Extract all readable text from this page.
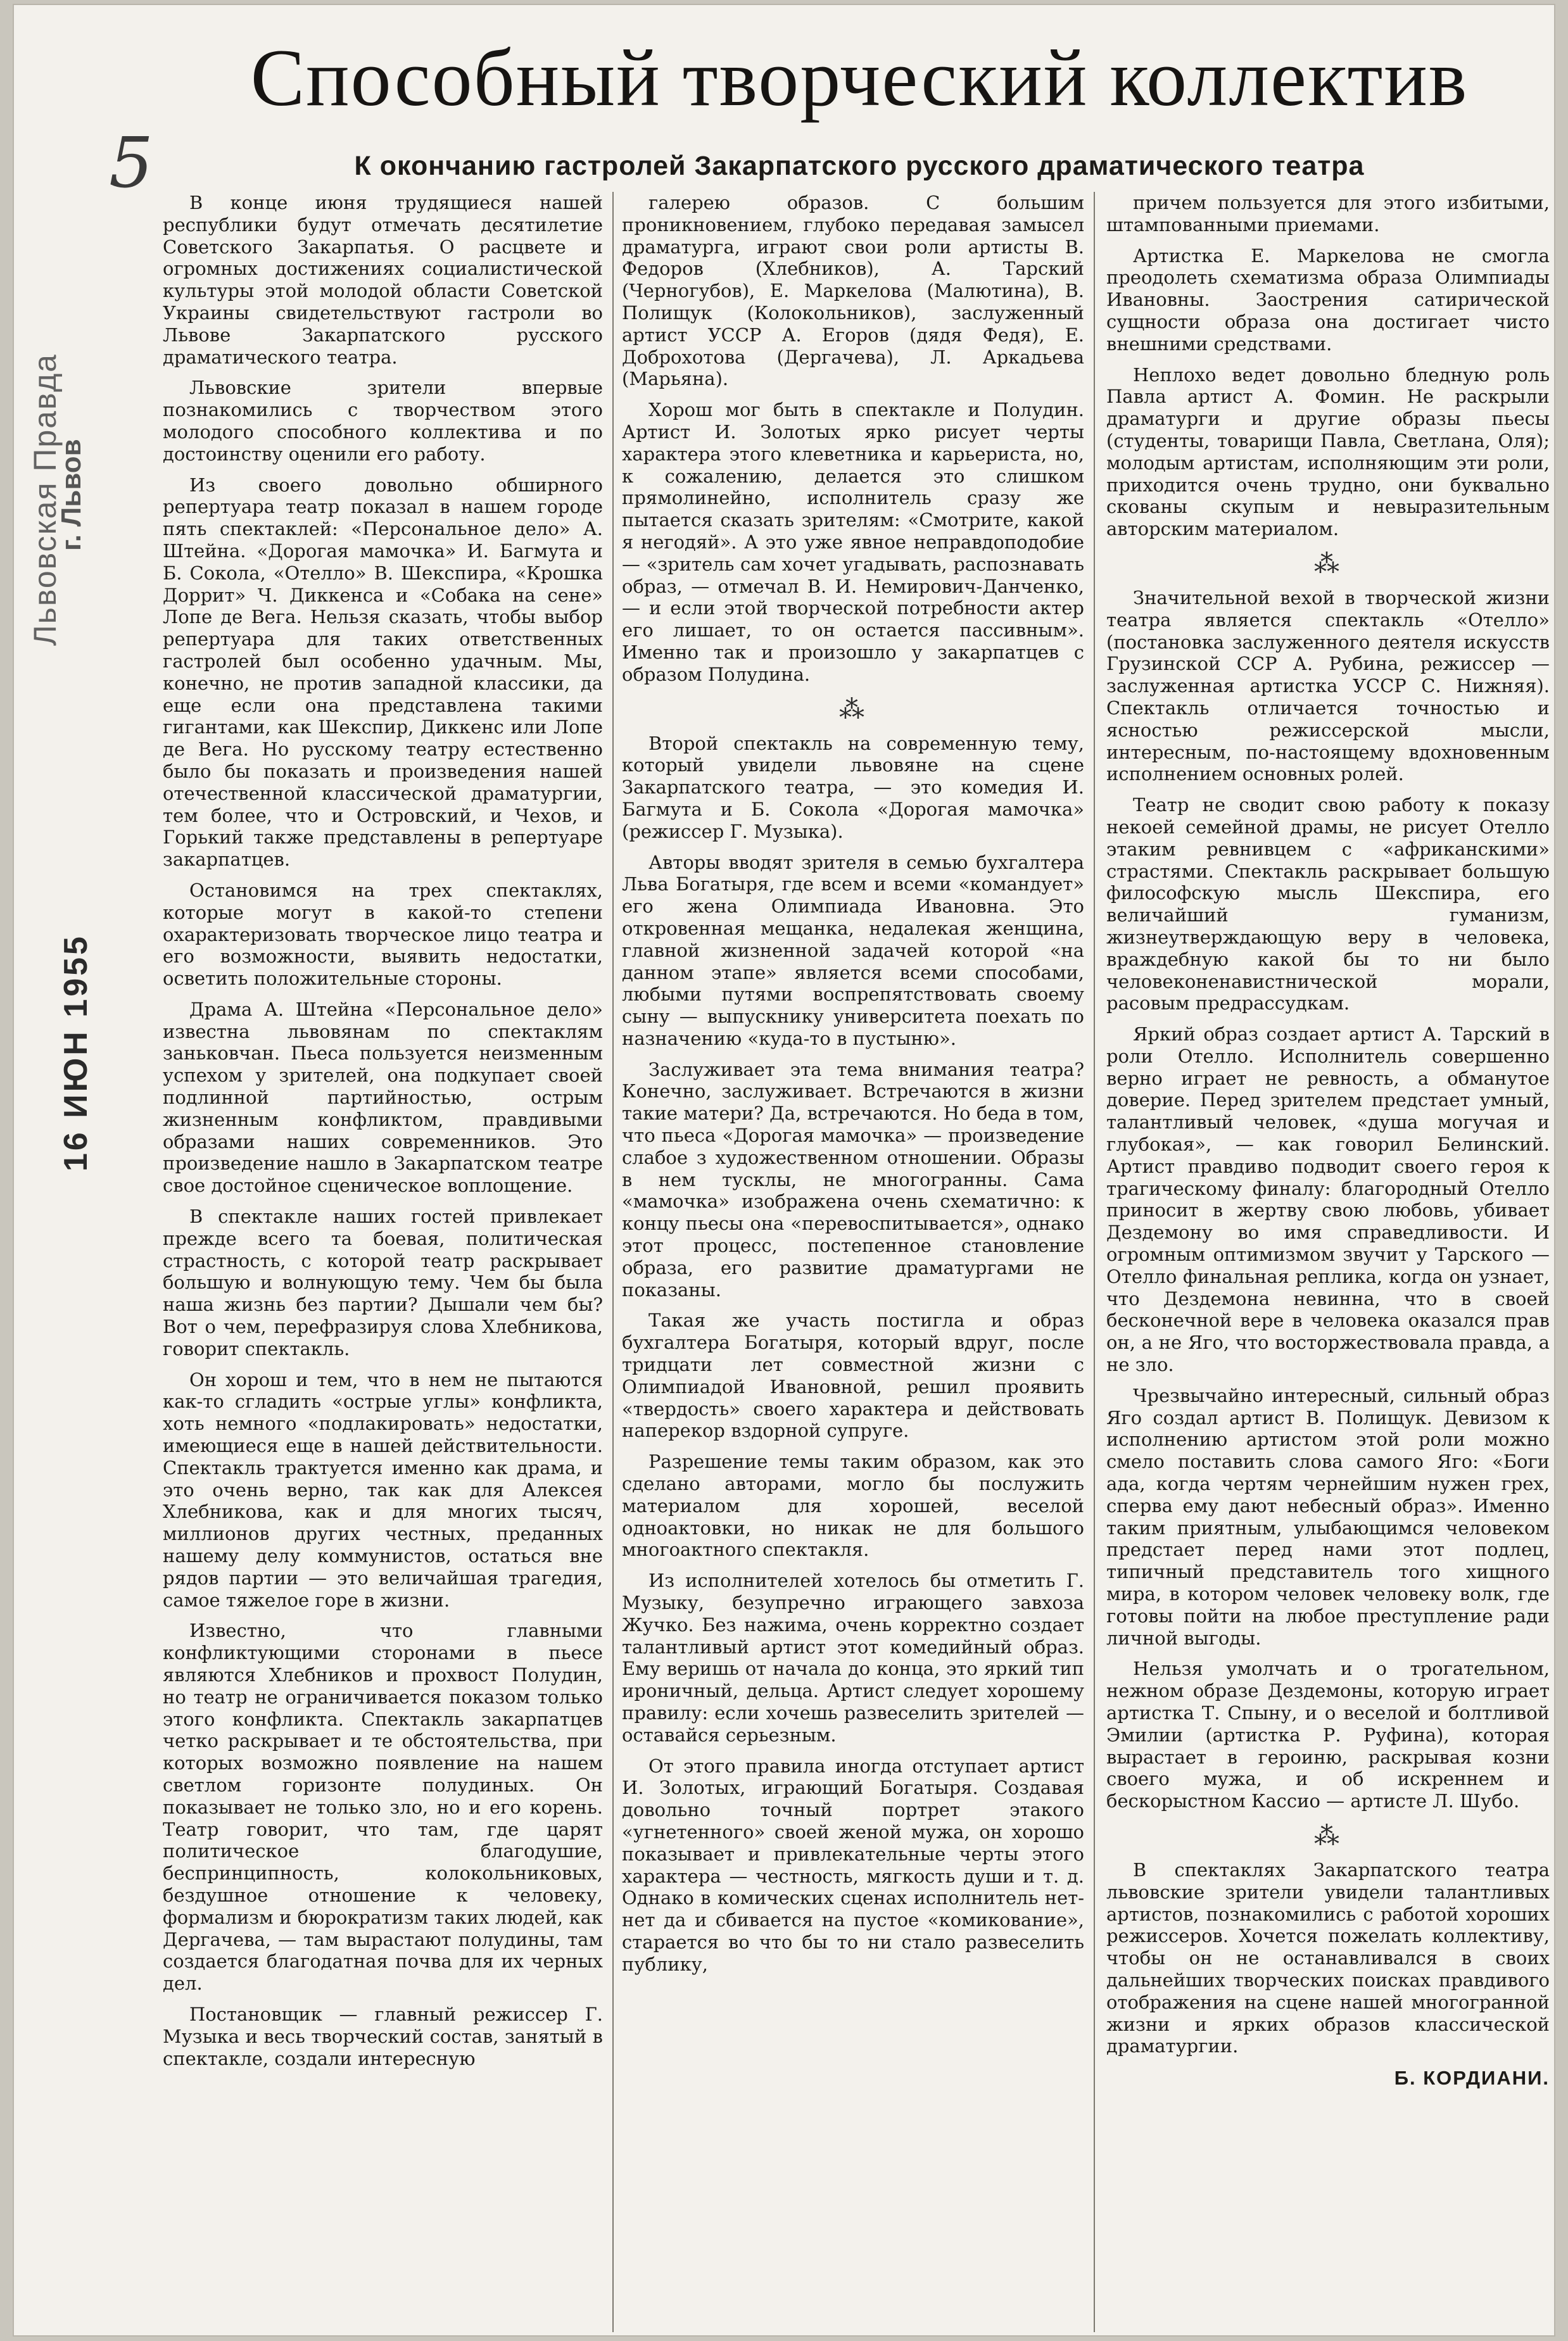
5
Способный творческий коллектив
К окончанию гастролей Закарпатского русского драматического театра

В конце июня трудящиеся нашей республики будут отмечать десятилетие Советского Закарпатья. О расцвете и огромных достижениях социалистической культуры этой молодой области Советской Украины свидетельствуют гастроли во Львове Закарпатского русского драматического театра.

Львовские зрители впервые познакомились с творчеством этого молодого способного коллектива и по достоинству оценили его работу.

Из своего довольно обширного репертуара театр показал в нашем городе пять спектаклей: «Персональное дело» А. Штейна. «Дорогая мамочка» И. Багмута и Б. Сокола, «Отелло» В. Шекспира, «Крошка Доррит» Ч. Диккенса и «Собака на сене» Лопе де Вега. Нельзя сказать, чтобы выбор репертуара для таких ответственных гастролей был особенно удачным. Мы, конечно, не против западной классики, да еще если она представлена такими гигантами, как Шекспир, Диккенс или Лопе де Вега. Но русскому театру естественно было бы показать и произведения нашей отечественной классической драматургии, тем более, что и Островский, и Чехов, и Горький также представлены в репертуаре закарпатцев.

Остановимся на трех спектаклях, которые могут в какой-то степени охарактеризовать творческое лицо театра и его возможности, выявить недостатки, осветить положительные стороны.

Драма А. Штейна «Персональное дело» известна львовянам по спектаклям заньковчан. Пьеса пользуется неизменным успехом у зрителей, она подкупает своей подлинной партийностью, острым жизненным конфликтом, правдивыми образами наших современников. Это произведение нашло в Закарпатском театре свое достойное сценическое воплощение.

В спектакле наших гостей привлекает прежде всего та боевая, политическая страстность, с которой театр раскрывает большую и волнующую тему. Чем бы была наша жизнь без партии? Дышали чем бы? Вот о чем, перефразируя слова Хлебникова, говорит спектакль.

Он хорош и тем, что в нем не пытаются как-то сгладить «острые углы» конфликта, хоть немного «подлакировать» недостатки, имеющиеся еще в нашей действительности. Спектакль трактуется именно как драма, и это очень верно, так как для Алексея Хлебникова, как и для многих тысяч, миллионов других честных, преданных нашему делу коммунистов, остаться вне рядов партии — это величайшая трагедия, самое тяжелое горе в жизни.

Известно, что главными конфликтующими сторонами в пьесе являются Хлебников и прохвост Полудин, но театр не ограничивается показом только этого конфликта. Спектакль закарпатцев четко раскрывает и те обстоятельства, при которых возможно появление на нашем светлом горизонте полудиных. Он показывает не только зло, но и его корень. Театр говорит, что там, где царят политическое благодушие, беспринципность, колокольниковых, бездушное отношение к человеку, формализм и бюрократизм таких людей, как Дергачева, — там вырастают полудины, там создается благодатная почва для их черных дел.

Постановщик — главный режиссер Г. Музыка и весь творческий состав, занятый в спектакле, создали интересную

галерею образов. С большим проникновением, глубоко передавая замысел драматурга, играют свои роли артисты В. Федоров (Хлебников), А. Тарский (Черногубов), Е. Маркелова (Малютина), В. Полищук (Колокольников), заслуженный артист УССР А. Егоров (дядя Федя), Е. Доброхотова (Дергачева), Л. Аркадьева (Марьяна).

Хорош мог быть в спектакле и Полудин. Артист И. Золотых ярко рисует черты характера этого клеветника и карьериста, но, к сожалению, делается это слишком прямолинейно, исполнитель сразу же пытается сказать зрителям: «Смотрите, какой я негодяй». А это уже явное неправдоподобие — «зритель сам хочет угадывать, распознавать образ, — отмечал В. И. Немирович-Данченко, — и если этой творческой потребности актер его лишает, то он остается пассивным». Именно так и произошло у закарпатцев с образом Полудина.

⁂

Второй спектакль на современную тему, который увидели львовяне на сцене Закарпатского театра, — это комедия И. Багмута и Б. Сокола «Дорогая мамочка» (режиссер Г. Музыка).

Авторы вводят зрителя в семью бухгалтера Льва Богатыря, где всем и всеми «командует» его жена Олимпиада Ивановна. Это откровенная мещанка, недалекая женщина, главной жизненной задачей которой «на данном этапе» является всеми способами, любыми путями воспрепятствовать своему сыну — выпускнику университета поехать по назначению «куда-то в пустыню».

Заслуживает эта тема внимания театра? Конечно, заслуживает. Встречаются в жизни такие матери? Да, встречаются. Но беда в том, что пьеса «Дорогая мамочка» — произведение слабое з художественном отношении. Образы в нем тусклы, не многогранны. Сама «мамочка» изображена очень схематично: к концу пьесы она «перевоспитывается», однако этот процесс, постепенное становление образа, его развитие драматургами не показаны.

Такая же участь постигла и образ бухгалтера Богатыря, который вдруг, после тридцати лет совместной жизни с Олимпиадой Ивановной, решил проявить «твердость» своего характера и действовать наперекор вздорной супруге.

Разрешение темы таким образом, как это сделано авторами, могло бы послужить материалом для хорошей, веселой одноактовки, но никак не для большого многоактного спектакля.

Из исполнителей хотелось бы отметить Г. Музыку, безупречно играющего завхоза Жучко. Без нажима, очень корректно создает талантливый артист этот комедийный образ. Ему веришь от начала до конца, это яркий тип ироничный, дельца. Артист следует хорошему правилу: если хочешь развеселить зрителей — оставайся серьезным.

От этого правила иногда отступает артист И. Золотых, играющий Богатыря. Создавая довольно точный портрет этакого «угнетенного» своей женой мужа, он хорошо показывает и привлекательные черты этого характера — честность, мягкость души и т. д. Однако в комических сценах исполнитель нет-нет да и сбивается на пустое «комикование», старается во что бы то ни стало развеселить публику,

причем пользуется для этого избитыми, штампованными приемами.

Артистка Е. Маркелова не смогла преодолеть схематизма образа Олимпиады Ивановны. Заострения сатирической сущности образа она достигает чисто внешними средствами.

Неплохо ведет довольно бледную роль Павла артист А. Фомин. Не раскрыли драматурги и другие образы пьесы (студенты, товарищи Павла, Светлана, Оля); молодым артистам, исполняющим эти роли, приходится очень трудно, они буквально скованы скупым и невыразительным авторским материалом.

⁂

Значительной вехой в творческой жизни театра является спектакль «Отелло» (постановка заслуженного деятеля искусств Грузинской ССР А. Рубина, режиссер — заслуженная артистка УССР С. Нижняя). Спектакль отличается точностью и ясностью режиссерской мысли, интересным, по-настоящему вдохновенным исполнением основных ролей.

Театр не сводит свою работу к показу некоей семейной драмы, не рисует Отелло этаким ревнивцем с «африканскими» страстями. Спектакль раскрывает большую философскую мысль Шекспира, его величайший гуманизм, жизнеутверждающую веру в человека, враждебную какой бы то ни было человеконенавистнической морали, расовым предрассудкам.

Яркий образ создает артист А. Тарский в роли Отелло. Исполнитель совершенно верно играет не ревность, а обманутое доверие. Перед зрителем предстает умный, талантливый человек, «душа могучая и глубокая», — как говорил Белинский. Артист правдиво подводит своего героя к трагическому финалу: благородный Отелло приносит в жертву свою любовь, убивает Дездемону во имя справедливости. И огромным оптимизмом звучит у Тарского — Отелло финальная реплика, когда он узнает, что Дездемона невинна, что в своей бесконечной вере в человека оказался прав он, а не Яго, что восторжествовала правда, а не зло.

Чрезвычайно интересный, сильный образ Яго создал артист В. Полищук. Девизом к исполнению артистом этой роли можно смело поставить слова самого Яго: «Боги ада, когда чертям чернейшим нужен грех, сперва ему дают небесный образ». Именно таким приятным, улыбающимся человеком предстает перед нами этот подлец, типичный представитель того хищного мира, в котором человек человеку волк, где готовы пойти на любое преступление ради личной выгоды.

Нельзя умолчать и о трогательном, нежном образе Дездемоны, которую играет артистка Т. Спыну, и о веселой и болтливой Эмилии (артистка Р. Руфина), которая вырастает в героиню, раскрывая козни своего мужа, и об искреннем и бескорыстном Кассио — артисте Л. Шубо.

⁂

В спектаклях Закарпатского театра львовские зрители увидели талантливых артистов, познакомились с работой хороших режиссеров. Хочется пожелать коллективу, чтобы он не останавливался в своих дальнейших творческих поисках правдивого отображения на сцене нашей многогранной жизни и ярких образов классической драматургии.

Б. КОРДИАНИ.
Львовская Правда
г. Львов
16 ИЮН 1955
